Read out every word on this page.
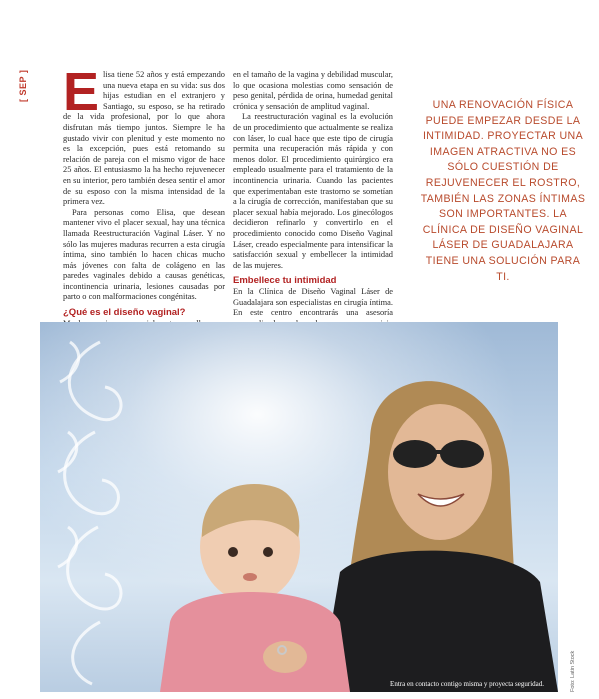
[ SEP ] E lisa tiene 52 años y está empezando una nueva etapa en su vida: sus dos hijas estudian en el extranjero y Santiago, su esposo, se ha retirado de la vida profesional, por lo que ahora disfrutan más tiempo juntos. Siempre le ha gustado vivir con plenitud y este momento no es la excepción, pues está retomando su relación de pareja con el mismo vigor de hace 25 años. El entusiasmo la ha hecho rejuvenecer en su interior, pero también desea sentir el amor de su esposo con la misma intensidad de la primera vez.

Para personas como Elisa, que desean mantener vivo el placer sexual, hay una técnica llamada Reestructuración Vaginal Láser. Y no sólo las mujeres maduras recurren a esta cirugía íntima, sino también lo hacen chicas mucho más jóvenes con falta de colágeno en las paredes vaginales debido a causas genéticas, incontinencia urinaria, lesiones causadas por parto o con malformaciones congénitas.

¿Qué es el diseño vaginal?

en el tamaño de la vagina y debilidad muscular, lo que ocasiona molestias como sensación de peso genital, pérdida de orina, humedad genital crónica y sensación de amplitud vaginal.

La reestructuración vaginal es la evolución de un procedimiento que actualmente se realiza con láser, lo cual hace que este tipo de cirugía permita una recuperación más rápida y con menos dolor. El procedimiento quirúrgico era empleado usualmente para el tratamiento de la incontinencia urinaria. Cuando las pacientes que experimentaban este trastorno se sometían a la cirugía de corrección, manifestaban que su placer sexual había mejorado. Los ginecólogos decidieron refinarlo y convertirlo en el procedimiento conocido como Diseño Vaginal Láser, creado especialmente para intensificar la satisfacción sexual y embellecer la intimidad de las mujeres.

Embellece tu intimidad

En la Clínica de Diseño Vaginal Láser de Guadalajara son especialistas en cirugía íntima. En este centro encontrarás una asesoría

UNA RENOVACIÓN FÍSICA PUEDE EMPEZAR DESDE LA INTIMIDAD. PROYECTAR UNA IMAGEN ATRACTIVA NO ES SÓLO CUESTIÓN DE REJUVENECER EL ROSTRO, TAMBIÉN LAS ZONAS ÍNTIMAS SON IMPORTANTES. LA CLÍNICA DE DISEÑO VAGINAL LÁSER DE GUADALAJARA TIENE UNA SOLUCIÓN PARA TI.
Entra en contacto contigo misma y proyecta seguridad.	Foto: Latin Stock
